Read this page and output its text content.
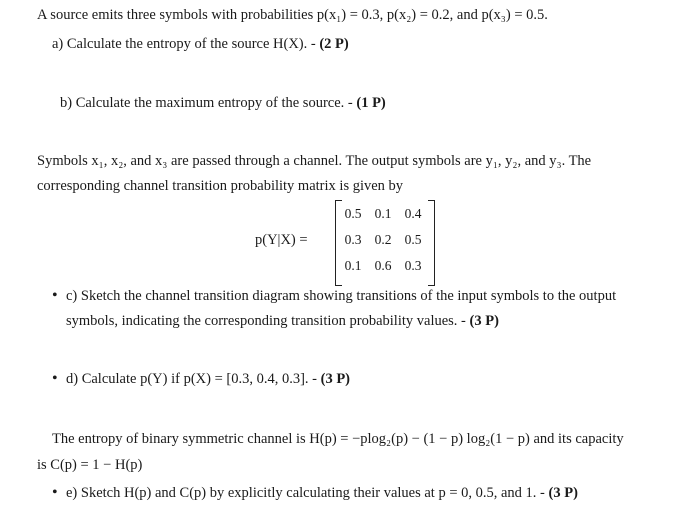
A source emits three symbols with probabilities p(x₁) = 0.3, p(x₂) = 0.2, and p(x₃) = 0.5.
a) Calculate the entropy of the source H(X). - (2 P)
b) Calculate the maximum entropy of the source. - (1 P)
Symbols x₁, x₂, and x₃ are passed through a channel. The output symbols are y₁, y₂, and y₃. The
corresponding channel transition probability matrix is given by
p(Y|X) =
0.5 0.1 0.4
0.3 0.2 0.5
0.1 0.6 0.3
• c) Sketch the channel transition diagram showing transitions of the input symbols to the output
symbols, indicating the corresponding transition probability values. - (3 P)
• d) Calculate p(Y) if p(X) = [0.3, 0.4, 0.3]. - (3 P)
The entropy of binary symmetric channel is H(p) = −plog₂(p) − (1 − p) log₂(1 − p) and its capacity
is C(p) = 1 − H(p)
• e) Sketch H(p) and C(p) by explicitly calculating their values at p = 0, 0.5, and 1. - (3 P)
